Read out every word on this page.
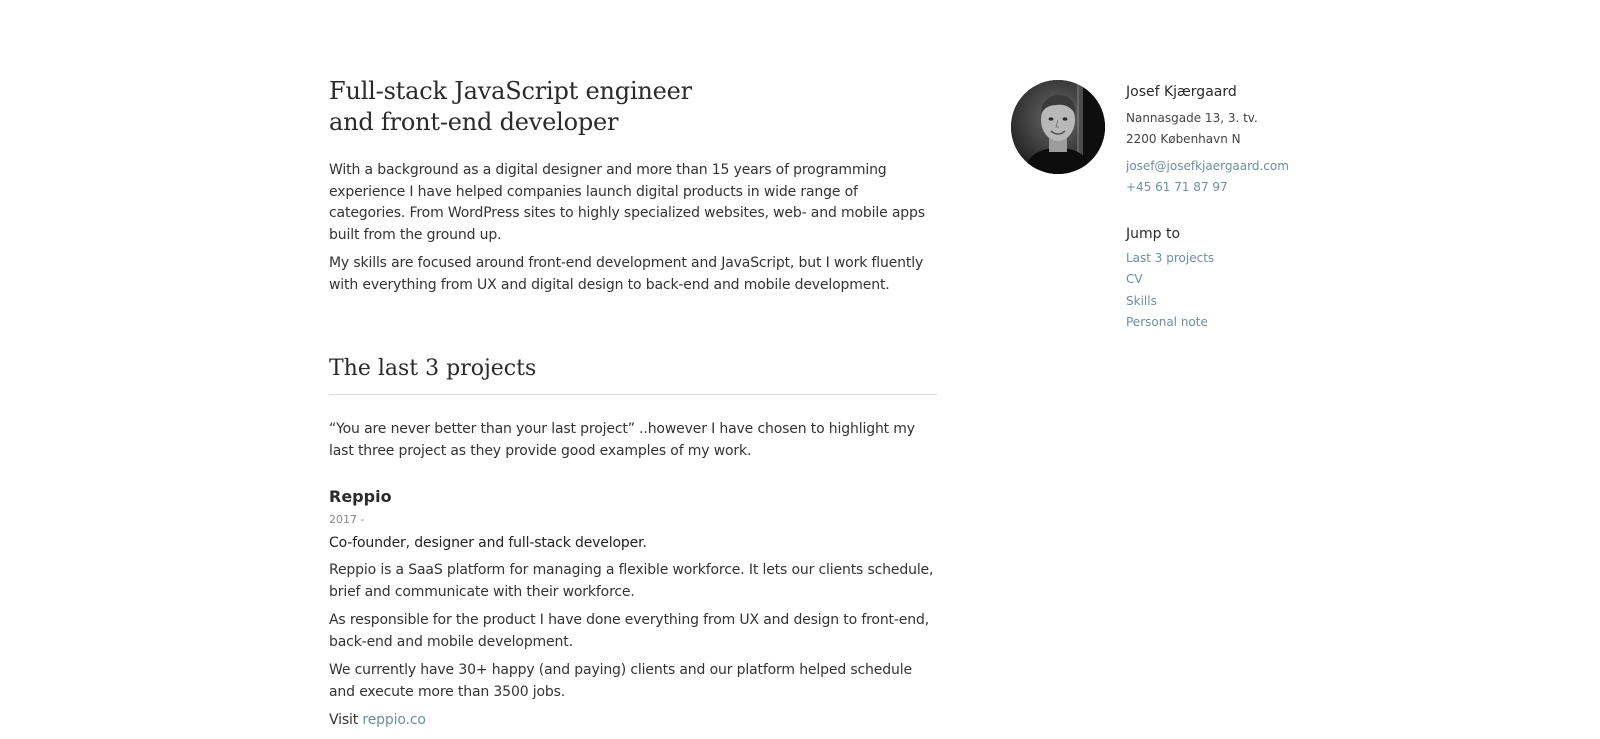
Full-stack JavaScript engineer
and front-end developer

With a background as a digital designer and more than 15 years of programming experience I have helped companies launch digital products in wide range of categories. From WordPress sites to highly specialized websites, web- and mobile apps built from the ground up.

My skills are focused around front-end development and JavaScript, but I work fluently with everything from UX and digital design to back-end and mobile development.

The last 3 projects

“You are never better than your last project” ..however I have chosen to highlight my last three project as they provide good examples of my work.

Reppio
2017 -
Co-founder, designer and full-stack developer.

Reppio is a SaaS platform for managing a flexible workforce. It lets our clients schedule, brief and communicate with their workforce.

As responsible for the product I have done everything from UX and design to front-end, back-end and mobile development.

We currently have 30+ happy (and paying) clients and our platform helped schedule and execute more than 3500 jobs.

Visit reppio.co

Josef Kjærgaard
Nannasgade 13, 3. tv.
2200 København N
josef@josefkjaergaard.com
+45 61 71 87 97
Jump to
Last 3 projects
CV
Skills
Personal note
